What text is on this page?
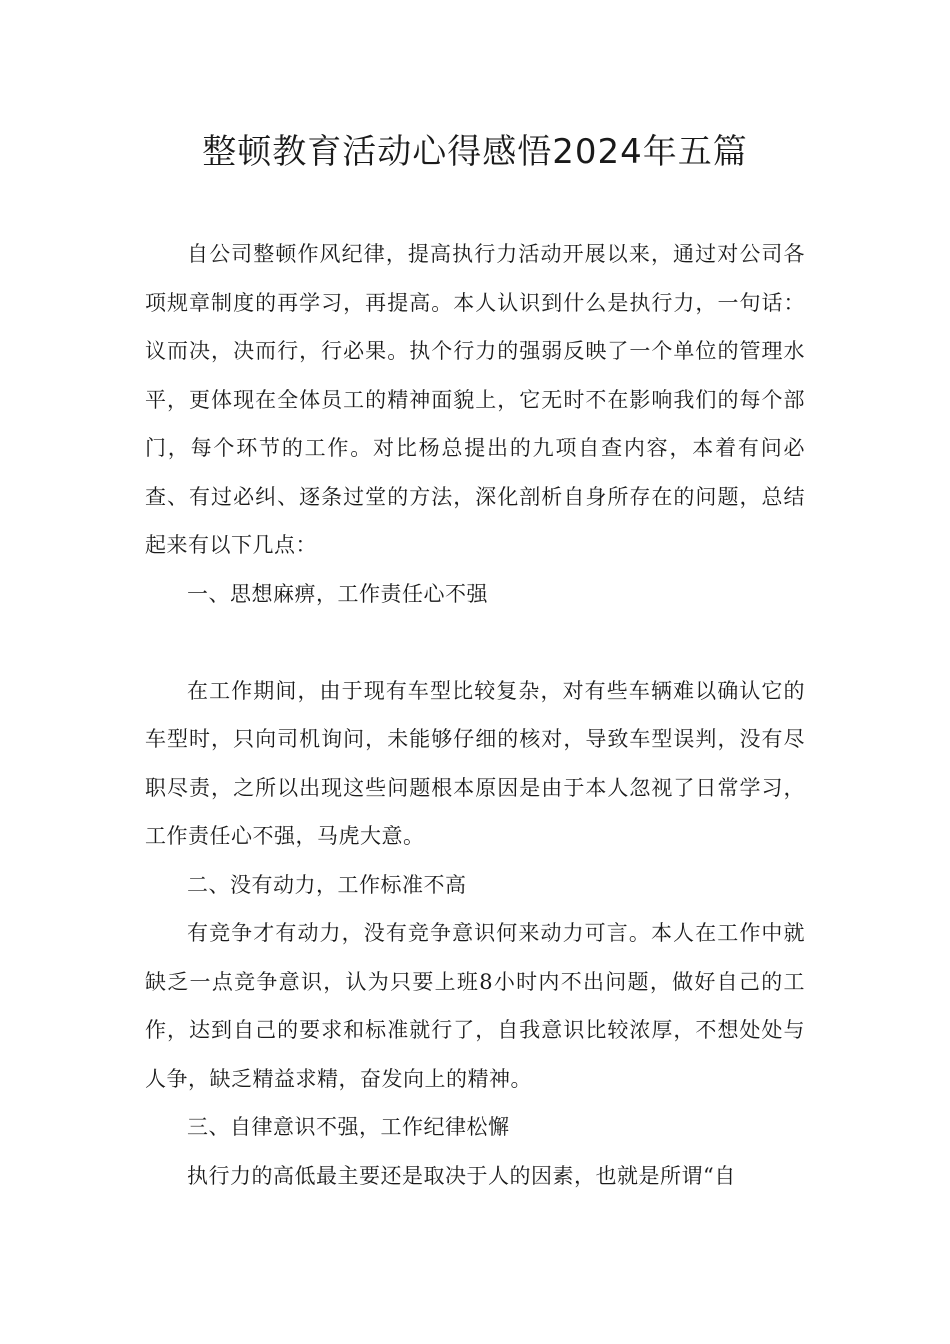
整顿教育活动心得感悟2024年五篇

自公司整顿作风纪律，提高执行力活动开展以来，通过对公司各项规章制度的再学习，再提高。本人认识到什么是执行力，一句话：议而决，决而行，行必果。执个行力的强弱反映了一个单位的管理水平，更体现在全体员工的精神面貌上，它无时不在影响我们的每个部门，每个环节的工作。对比杨总提出的九项自查内容，本着有问必查、有过必纠、逐条过堂的方法，深化剖析自身所存在的问题，总结起来有以下几点：

一、思想麻痹，工作责任心不强

在工作期间，由于现有车型比较复杂，对有些车辆难以确认它的车型时，只向司机询问，未能够仔细的核对，导致车型误判，没有尽职尽责，之所以出现这些问题根本原因是由于本人忽视了日常学习，工作责任心不强，马虎大意。

二、没有动力，工作标准不高

有竞争才有动力，没有竞争意识何来动力可言。本人在工作中就缺乏一点竞争意识，认为只要上班8小时内不出问题，做好自己的工作，达到自己的要求和标准就行了，自我意识比较浓厚，不想处处与人争，缺乏精益求精，奋发向上的精神。

三、自律意识不强，工作纪律松懈

执行力的高低最主要还是取决于人的因素，也就是所谓“自
